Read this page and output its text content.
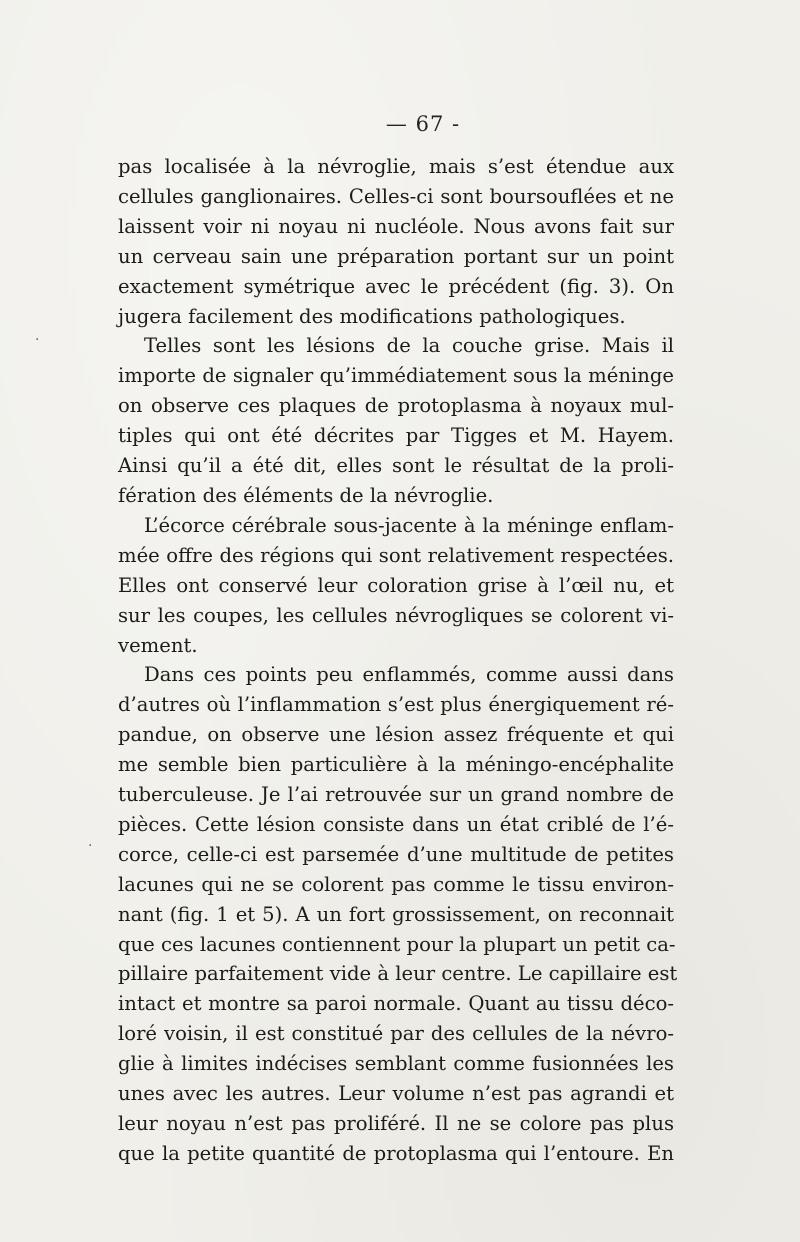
— 67 -
·
·
pas localisée à la névroglie, mais s’est étendue aux
cellules ganglionaires. Celles-ci sont boursouflées et ne
laissent voir ni noyau ni nucléole. Nous avons fait sur
un cerveau sain une préparation portant sur un point
exactement symétrique avec le précédent (fig. 3). On
jugera facilement des modifications pathologiques.
Telles sont les lésions de la couche grise. Mais il
importe de signaler qu’immédiatement sous la méninge
on observe ces plaques de protoplasma à noyaux mul-
tiples qui ont été décrites par Tigges et M. Hayem.
Ainsi qu’il a été dit, elles sont le résultat de la proli-
fération des éléments de la névroglie.
L’écorce cérébrale sous-jacente à la méninge enflam-
mée offre des régions qui sont relativement respectées.
Elles ont conservé leur coloration grise à l’œil nu, et
sur les coupes, les cellules névrogliques se colorent vi-
vement.
Dans ces points peu enflammés, comme aussi dans
d’autres où l’inflammation s’est plus énergiquement ré-
pandue, on observe une lésion assez fréquente et qui
me semble bien particulière à la méningo-encéphalite
tuberculeuse. Je l’ai retrouvée sur un grand nombre de
pièces. Cette lésion consiste dans un état criblé de l’é-
corce, celle-ci est parsemée d’une multitude de petites
lacunes qui ne se colorent pas comme le tissu environ-
nant (fig. 1 et 5). A un fort grossissement, on reconnait
que ces lacunes contiennent pour la plupart un petit ca-
pillaire parfaitement vide à leur centre. Le capillaire est
intact et montre sa paroi normale. Quant au tissu déco-
loré voisin, il est constitué par des cellules de la névro-
glie à limites indécises semblant comme fusionnées les
unes avec les autres. Leur volume n’est pas agrandi et
leur noyau n’est pas proliféré. Il ne se colore pas plus
que la petite quantité de protoplasma qui l’entoure. En
